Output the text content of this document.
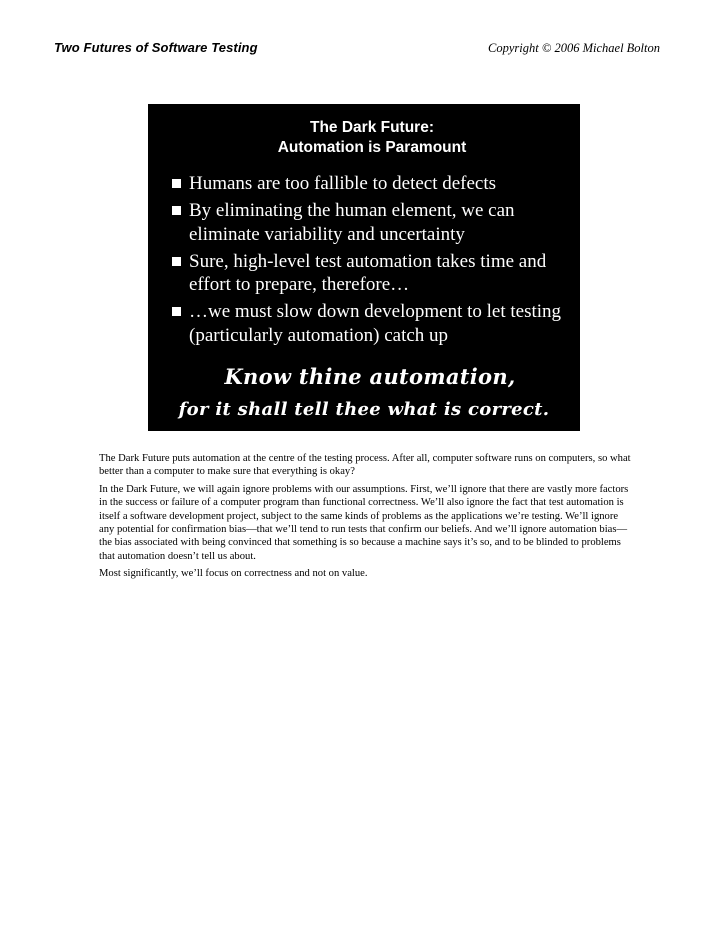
Two Futures of Software Testing	Copyright © 2006 Michael Bolton
The Dark Future:
Automation is Paramount
Humans are too fallible to detect defects
By eliminating the human element, we can eliminate variability and uncertainty
Sure, high-level test automation takes time and effort to prepare, therefore…
…we must slow down development to let testing (particularly automation) catch up
Know thine automation,
for it shall tell thee what is correct.

The Dark Future puts automation at the centre of the testing process. After all, computer software runs on computers, so what better than a computer to make sure that everything is okay?

In the Dark Future, we will again ignore problems with our assumptions. First, we’ll ignore that there are vastly more factors in the success or failure of a computer program than functional correctness. We’ll also ignore the fact that test automation is itself a software development project, subject to the same kinds of problems as the applications we’re testing. We’ll ignore any potential for confirmation bias—that we’ll tend to run tests that confirm our beliefs. And we’ll ignore automation bias—the bias associated with being convinced that something is so because a machine says it’s so, and to be blinded to problems that automation doesn’t tell us about.

Most significantly, we’ll focus on correctness and not on value.
